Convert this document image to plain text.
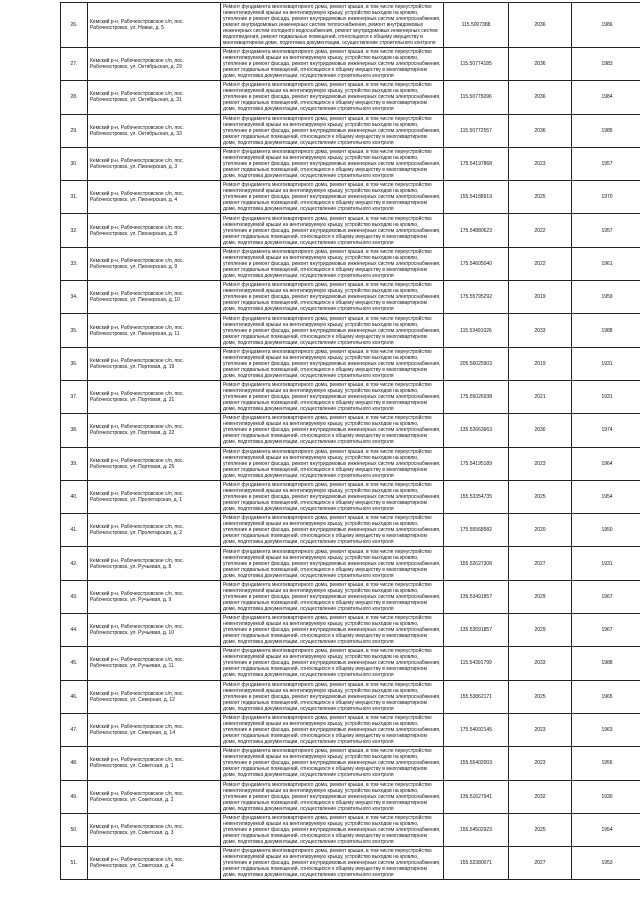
26.	Кемский р-н, Рабочеостровское с/п, пос. Рабочеостровск, ул. Новая, д. 5	Ремонт фундамента многоквартирного дома, ремонт крыши, в том числе переустройство невентилируемой крыши на вентилируемую крышу, устройство выходов на кровлю, утепление и ремонт фасада, ремонт внутридомовых инженерных систем электроснабжения, ремонт внутридомовых инженерных систем теплоснабжения, ремонт внутридомовых инженерных систем холодного водоснабжения, ремонт внутридомовых инженерных систем водоотведения, ремонт подвальных помещений, относящихся к общему имуществу в многоквартирном доме, подготовка документации, осуществление строительного контроля	115.5007388	2036	1986
27.	Кемский р-н, Рабочеостровское с/п, пос. Рабочеостровск, ул. Октябрьская, д. 29	Ремонт фундамента многоквартирного дома, ремонт крыши, в том числе переустройство невентилируемой крыши на вентилируемую крышу, устройство выходов на кровлю, утепление и ремонт фасада, ремонт внутридомовых инженерных систем электроснабжения, ремонт подвальных помещений, относящихся к общему имуществу в многоквартирном доме, подготовка документации, осуществление строительного контроля	115.50774185	2036	1983
28.	Кемский р-н, Рабочеостровское с/п, пос. Рабочеостровск, ул. Октябрьская, д. 31	Ремонт фундамента многоквартирного дома, ремонт крыши, в том числе переустройство невентилируемой крыши на вентилируемую крышу, устройство выходов на кровлю, утепление и ремонт фасада, ремонт внутридомовых инженерных систем электроснабжения, ремонт подвальных помещений, относящихся к общему имуществу в многоквартирном доме, подготовка документации, осуществление строительного контроля	115.50775096	2036	1984
29.	Кемский р-н, Рабочеостровское с/п, пос. Рабочеостровск, ул. Октябрьская, д. 33	Ремонт фундамента многоквартирного дома, ремонт крыши, в том числе переустройство невентилируемой крыши на вентилируемую крышу, устройство выходов на кровлю, утепление и ремонт фасада, ремонт внутридомовых инженерных систем электроснабжения, ремонт подвальных помещений, относящихся к общему имуществу в многоквартирном доме, подготовка документации, осуществление строительного контроля	115.50772557	2036	1985
30.	Кемский р-н, Рабочеостровское с/п, пос. Рабочеостровск, ул. Пионерская, д. 3	Ремонт фундамента многоквартирного дома, ремонт крыши, в том числе переустройство невентилируемой крыши на вентилируемую крышу, устройство выходов на кровлю, утепление и ремонт фасада, ремонт внутридомовых инженерных систем электроснабжения, ремонт подвальных помещений, относящихся к общему имуществу в многоквартирном доме, подготовка документации, осуществление строительного контроля	175.54197868	2023	1957
31.	Кемский р-н, Рабочеостровское с/п, пос. Рабочеостровск, ул. Пионерская, д. 4	Ремонт фундамента многоквартирного дома, ремонт крыши, в том числе переустройство невентилируемой крыши на вентилируемую крышу, устройство выходов на кровлю, утепление и ремонт фасада, ремонт внутридомовых инженерных систем электроснабжения, ремонт подвальных помещений, относящихся к общему имуществу в многоквартирном доме, подготовка документации, осуществление строительного контроля	155.54188919	2025	1970
32.	Кемский р-н, Рабочеостровское с/п, пос. Рабочеостровск, ул. Пионерская, д. 8	Ремонт фундамента многоквартирного дома, ремонт крыши, в том числе переустройство невентилируемой крыши на вентилируемую крышу, устройство выходов на кровлю, утепление и ремонт фасада, ремонт внутридомовых инженерных систем электроснабжения, ремонт подвальных помещений, относящихся к общему имуществу в многоквартирном доме, подготовка документации, осуществление строительного контроля	175.54880623	2022	1957
33.	Кемский р-н, Рабочеостровское с/п, пос. Рабочеостровск, ул. Пионерская, д. 9	Ремонт фундамента многоквартирного дома, ремонт крыши, в том числе переустройство невентилируемой крыши на вентилируемую крышу, устройство выходов на кровлю, утепление и ремонт фасада, ремонт внутридомовых инженерных систем электроснабжения, ремонт подвальных помещений, относящихся к общему имуществу в многоквартирном доме, подготовка документации, осуществление строительного контроля	175.54605040	2022	1961
34.	Кемский р-н, Рабочеостровское с/п, пос. Рабочеостровск, ул. Пионерская, д. 10	Ремонт фундамента многоквартирного дома, ремонт крыши, в том числе переустройство невентилируемой крыши на вентилируемую крышу, устройство выходов на кровлю, утепление и ремонт фасада, ремонт внутридомовых инженерных систем электроснабжения, ремонт подвальных помещений, относящихся к общему имуществу в многоквартирном доме, подготовка документации, осуществление строительного контроля	175.55795292	2019	1959
35.	Кемский р-н, Рабочеостровское с/п, пос. Рабочеостровск, ул. Пионерская, д. 11	Ремонт фундамента многоквартирного дома, ремонт крыши, в том числе переустройство невентилируемой крыши на вентилируемую крышу, устройство выходов на кровлю, утепление и ремонт фасада, ремонт внутридомовых инженерных систем электроснабжения, ремонт подвальных помещений, относящихся к общему имуществу в многоквартирном доме, подготовка документации, осуществление строительного контроля	115.53491026	2033	1988
36.	Кемский р-н, Рабочеостровское с/п, пос. Рабочеостровск, ул. Портовая, д. 19	Ремонт фундамента многоквартирного дома, ремонт крыши, в том числе переустройство невентилируемой крыши на вентилируемую крышу, устройство выходов на кровлю, утепление и ремонт фасада, ремонт внутридомовых инженерных систем электроснабжения, ремонт подвальных помещений, относящихся к общему имуществу в многоквартирном доме, подготовка документации, осуществление строительного контроля	205.56025903	2019	1931
37.	Кемский р-н, Рабочеостровское с/п, пос. Рабочеостровск, ул. Портовая, д. 21	Ремонт фундамента многоквартирного дома, ремонт крыши, в том числе переустройство невентилируемой крыши на вентилируемую крышу, устройство выходов на кровлю, утепление и ремонт фасада, ремонт внутридомовых инженерных систем электроснабжения, ремонт подвальных помещений, относящихся к общему имуществу в многоквартирном доме, подготовка документации, осуществление строительного контроля	175.55026938	2021	1931
38.	Кемский р-н, Рабочеостровское с/п, пос. Рабочеостровск, ул. Портовая, д. 22	Ремонт фундамента многоквартирного дома, ремонт крыши, в том числе переустройство невентилируемой крыши на вентилируемую крышу, устройство выходов на кровлю, утепление и ремонт фасада, ремонт внутридомовых инженерных систем электроснабжения, ремонт подвальных помещений, относящихся к общему имуществу в многоквартирном доме, подготовка документации, осуществление строительного контроля	135.52663663	2030	1974
39.	Кемский р-н, Рабочеостровское с/п, пос. Рабочеостровск, ул. Портовая, д. 25	Ремонт фундамента многоквартирного дома, ремонт крыши, в том числе переустройство невентилируемой крыши на вентилируемую крышу, устройство выходов на кровлю, утепление и ремонт фасада, ремонт внутридомовых инженерных систем электроснабжения, ремонт подвальных помещений, относящихся к общему имуществу в многоквартирном доме, подготовка документации, осуществление строительного контроля	175.54195189	2023	1964
40.	Кемский р-н, Рабочеостровское с/п, пос. Рабочеостровск, ул. Пролетарская, д. 1	Ремонт фундамента многоквартирного дома, ремонт крыши, в том числе переустройство невентилируемой крыши на вентилируемую крышу, устройство выходов на кровлю, утепление и ремонт фасада, ремонт внутридомовых инженерных систем электроснабжения, ремонт подвальных помещений, относящихся к общему имуществу в многоквартирном доме, подготовка документации, осуществление строительного контроля	155.53354735	2025	1954
41.	Кемский р-н, Рабочеостровское с/п, пос. Рабочеостровск, ул. Пролетарская, д. 2	Ремонт фундамента многоквартирного дома, ремонт крыши, в том числе переустройство невентилируемой крыши на вентилируемую крышу, устройство выходов на кровлю, утепление и ремонт фасада, ремонт внутридомовых инженерных систем электроснабжения, ремонт подвальных помещений, относящихся к общему имуществу в многоквартирном доме, подготовка документации, осуществление строительного контроля	175.55568582	2020	1950
42.	Кемский р-н, Рабочеостровское с/п, пос. Рабочеостровск, ул. Ручьевая, д. 8	Ремонт фундамента многоквартирного дома, ремонт крыши, в том числе переустройство невентилируемой крыши на вентилируемую крышу, устройство выходов на кровлю, утепление и ремонт фасада, ремонт внутридомовых инженерных систем электроснабжения, ремонт подвальных помещений, относящихся к общему имуществу в многоквартирном доме, подготовка документации, осуществление строительного контроля	155.52627308	2027	1931
43.	Кемский р-н, Рабочеостровское с/п, пос. Рабочеостровск, ул. Ручьевая, д. 9	Ремонт фундамента многоквартирного дома, ремонт крыши, в том числе переустройство невентилируемой крыши на вентилируемую крышу, устройство выходов на кровлю, утепление и ремонт фасада, ремонт внутридомовых инженерных систем электроснабжения, ремонт подвальных помещений, относящихся к общему имуществу в многоквартирном доме, подготовка документации, осуществление строительного контроля	135.53491857	2029	1967
44.	Кемский р-н, Рабочеостровское с/п, пос. Рабочеостровск, ул. Ручьевая, д. 10	Ремонт фундамента многоквартирного дома, ремонт крыши, в том числе переустройство невентилируемой крыши на вентилируемую крышу, устройство выходов на кровлю, утепление и ремонт фасада, ремонт внутридомовых инженерных систем электроснабжения, ремонт подвальных помещений, относящихся к общему имуществу в многоквартирном доме, подготовка документации, осуществление строительного контроля	135.53591857	2029	1967
45.	Кемский р-н, Рабочеостровское с/п, пос. Рабочеостровск, ул. Ручьевая, д. 11	Ремонт фундамента многоквартирного дома, ремонт крыши, в том числе переустройство невентилируемой крыши на вентилируемую крышу, устройство выходов на кровлю, утепление и ремонт фасада, ремонт внутридомовых инженерных систем электроснабжения, ремонт подвальных помещений, относящихся к общему имуществу в многоквартирном доме, подготовка документации, осуществление строительного контроля	115.54391799	2033	1988
46.	Кемский р-н, Рабочеостровское с/п, пос. Рабочеостровск, ул. Северная, д. 12	Ремонт фундамента многоквартирного дома, ремонт крыши, в том числе переустройство невентилируемой крыши на вентилируемую крышу, устройство выходов на кровлю, утепление и ремонт фасада, ремонт внутридомовых инженерных систем электроснабжения, ремонт подвальных помещений, относящихся к общему имуществу в многоквартирном доме, подготовка документации, осуществление строительного контроля	155.53862171	2025	1965
47.	Кемский р-н, Рабочеостровское с/п, пос. Рабочеостровск, ул. Северная, д. 14	Ремонт фундамента многоквартирного дома, ремонт крыши, в том числе переустройство невентилируемой крыши на вентилируемую крышу, устройство выходов на кровлю, утепление и ремонт фасада, ремонт внутридомовых инженерных систем электроснабжения, ремонт подвальных помещений, относящихся к общему имуществу в многоквартирном доме, подготовка документации, осуществление строительного контроля	175.54092145	2023	1963
48.	Кемский р-н, Рабочеостровское с/п, пос. Рабочеостровск, ул. Советская, д. 1	Ремонт фундамента многоквартирного дома, ремонт крыши, в том числе переустройство невентилируемой крыши на вентилируемую крышу, устройство выходов на кровлю, утепление и ремонт фасада, ремонт внутридомовых инженерных систем электроснабжения, ремонт подвальных помещений, относящихся к общему имуществу в многоквартирном доме, подготовка документации, осуществление строительного контроля	155.55402003	2023	1956
49.	Кемский р-н, Рабочеостровское с/п, пос. Рабочеостровск, ул. Советская, д. 2	Ремонт фундамента многоквартирного дома, ремонт крыши, в том числе переустройство невентилируемой крыши на вентилируемую крышу, устройство выходов на кровлю, утепление и ремонт фасада, ремонт внутридомовых инженерных систем электроснабжения, ремонт подвальных помещений, относящихся к общему имуществу в многоквартирном доме, подготовка документации, осуществление строительного контроля	135.51627941	2032	1930
50.	Кемский р-н, Рабочеостровское с/п, пос. Рабочеостровск, ул. Советская, д. 3	Ремонт фундамента многоквартирного дома, ремонт крыши, в том числе переустройство невентилируемой крыши на вентилируемую крышу, устройство выходов на кровлю, утепление и ремонт фасада, ремонт внутридомовых инженерных систем электроснабжения, ремонт подвальных помещений, относящихся к общему имуществу в многоквартирном доме, подготовка документации, осуществление строительного контроля	155.54502923	2025	1954
51.	Кемский р-н, Рабочеостровское с/п, пос. Рабочеостровск, ул. Советская, д. 4	Ремонт фундамента многоквартирного дома, ремонт крыши, в том числе переустройство невентилируемой крыши на вентилируемую крышу, устройство выходов на кровлю, утепление и ремонт фасада, ремонт внутридомовых инженерных систем электроснабжения, ремонт подвальных помещений, относящихся к общему имуществу в многоквартирном доме, подготовка документации, осуществление строительного контроля	155.52380071	2027	1953
